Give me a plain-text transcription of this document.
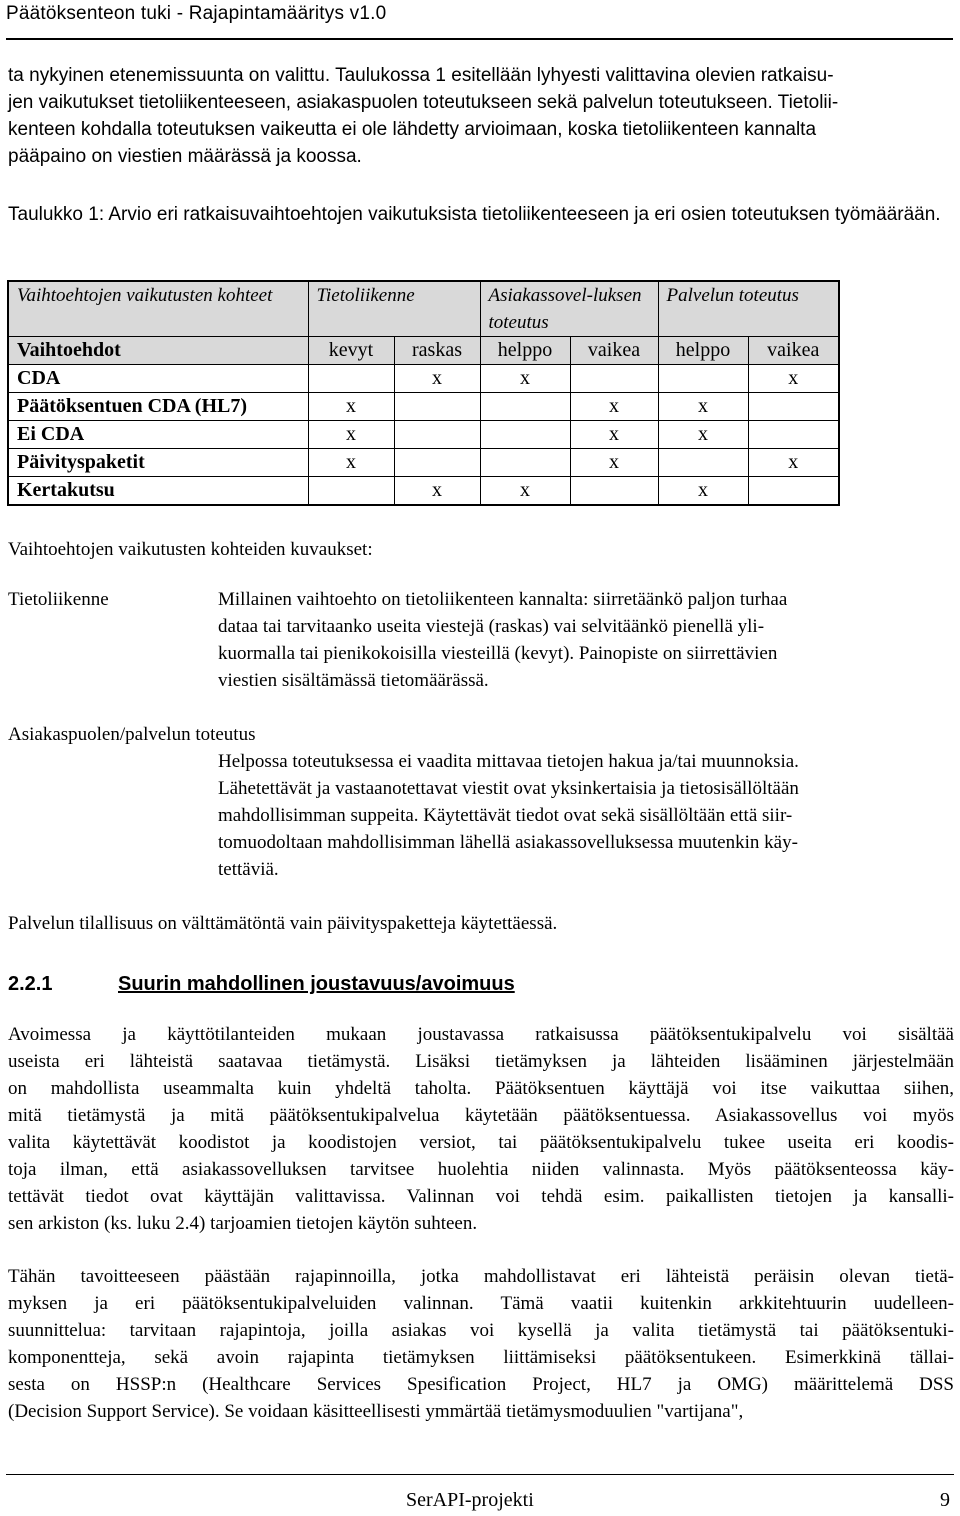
Päätöksenteon tuki - Rajapintamääritys v1.0
ta nykyinen etenemissuunta on valittu. Taulukossa 1 esitellään lyhyesti valittavina olevien ratkaisu-
jen vaikutukset tietoliikenteeseen, asiakaspuolen toteutukseen sekä palvelun toteutukseen. Tietolii-
kenteen kohdalla toteutuksen vaikeutta ei ole lähdetty arvioimaan, koska tietoliikenteen kannalta
pääpaino on viestien määrässä ja koossa.
Taulukko 1: Arvio eri ratkaisuvaihtoehtojen vaikutuksista tietoliikenteeseen ja eri osien toteutuksen työmäärään.
Vaihtoehtojen vaikutusten kohteet	Tietoliikenne		Asiakassovel-luksen toteutus		Palvelun toteutus	
Vaihtoehdot	kevyt	raskas	helppo	vaikea	helppo	vaikea
CDA		x	x			x
Päätöksentuen CDA (HL7)	x			x	x	
Ei CDA	x			x	x	
Päivityspaketit	x			x		x
Kertakutsu		x	x		x	
Vaihtoehtojen vaikutusten kohteiden kuvaukset:
Tietoliikenne	Millainen vaihtoehto on tietoliikenteen kannalta: siirretäänkö paljon turhaa
dataa tai tarvitaanko useita viestejä (raskas) vai selvitäänkö pienellä yli-
kuormalla tai pienikokoisilla viesteillä (kevyt). Painopiste on siirrettävien
viestien sisältämässä tietomäärässä.
Asiakaspuolen/palvelun toteutus
Helpossa toteutuksessa ei vaadita mittavaa tietojen hakua ja/tai muunnoksia.
Lähetettävät ja vastaanotettavat viestit ovat yksinkertaisia ja tietosisällöltään
mahdollisimman suppeita. Käytettävät tiedot ovat sekä sisällöltään että siir-
tomuodoltaan mahdollisimman lähellä asiakassovelluksessa muutenkin käy-
tettäviä.
Palvelun tilallisuus on välttämätöntä vain päivityspaketteja käytettäessä.
2.2.1	Suurin mahdollinen joustavuus/avoimuus
Avoimessa ja käyttötilanteiden mukaan joustavassa ratkaisussa päätöksentukipalvelu voi sisältää
useista eri lähteistä saatavaa tietämystä. Lisäksi tietämyksen ja lähteiden lisääminen järjestelmään
on mahdollista useammalta kuin yhdeltä taholta. Päätöksentuen käyttäjä voi itse vaikuttaa siihen,
mitä tietämystä ja mitä päätöksentukipalvelua käytetään päätöksentuessa. Asiakassovellus voi myös
valita käytettävät koodistot ja koodistojen versiot, tai päätöksentukipalvelu tukee useita eri koodis-
toja ilman, että asiakassovelluksen tarvitsee huolehtia niiden valinnasta. Myös päätöksenteossa käy-
tettävät tiedot ovat käyttäjän valittavissa. Valinnan voi tehdä esim. paikallisten tietojen ja kansalli-
sen arkiston (ks. luku 2.4) tarjoamien tietojen käytön suhteen.
Tähän tavoitteeseen päästään rajapinnoilla, jotka mahdollistavat eri lähteistä peräisin olevan tietä-
myksen ja eri päätöksentukipalveluiden valinnan. Tämä vaatii kuitenkin arkkitehtuurin uudelleen-
suunnittelua: tarvitaan rajapintoja, joilla asiakas voi kysellä ja valita tietämystä tai päätöksentuki-
komponentteja, sekä avoin rajapinta tietämyksen liittämiseksi päätöksentukeen. Esimerkkinä tällai-
sesta on HSSP:n (Healthcare Services Spesification Project, HL7 ja OMG) määrittelemä DSS
(Decision Support Service). Se voidaan käsitteellisesti ymmärtää tietämysmoduulien "vartijana",
SerAPI-projekti	9
